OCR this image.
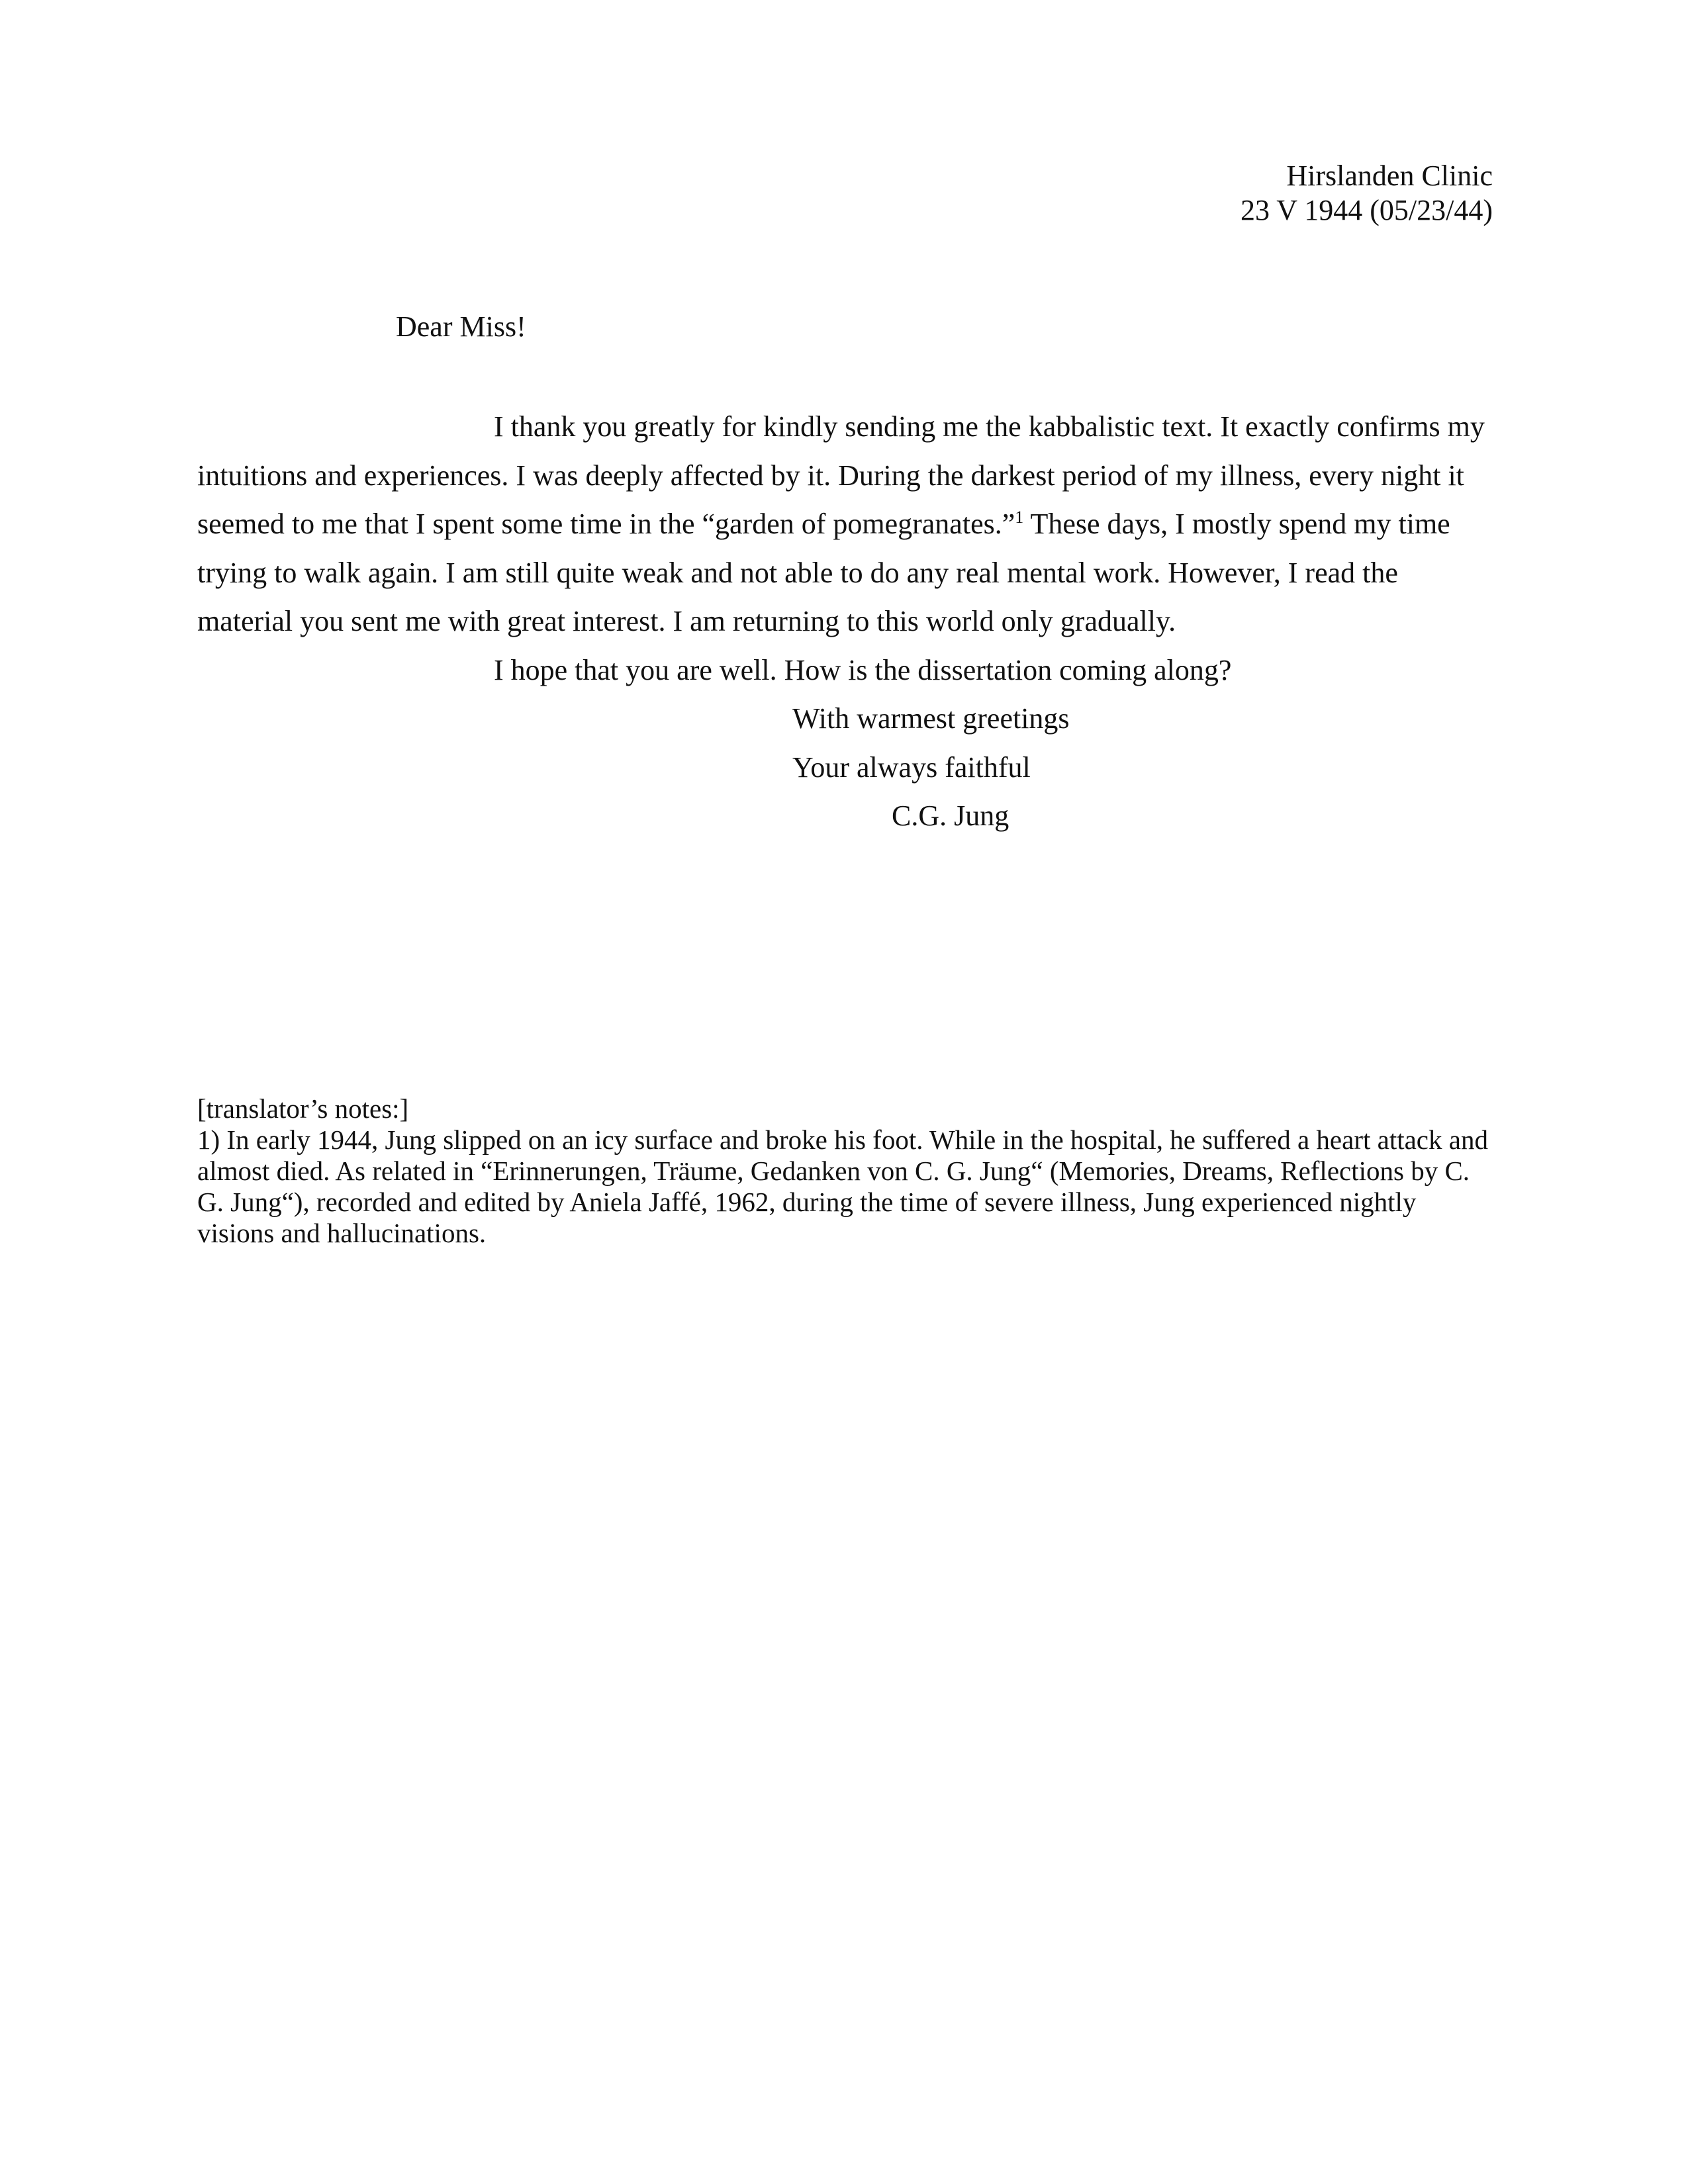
Hirslanden Clinic
23 V 1944 (05/23/44)
Dear Miss!

I thank you greatly for kindly sending me the kabbalistic text. It exactly confirms my intuitions and experiences. I was deeply affected by it. During the darkest period of my illness, every night it seemed to me that I spent some time in the “garden of pomegranates.”$^1$ These days, I mostly spend my time trying to walk again. I am still quite weak and not able to do any real mental work. However, I read the material you sent me with great interest. I am returning to this world only gradually.

I hope that you are well. How is the dissertation coming along?
With warmest greetings
Your always faithful
C.G. Jung
[translator’s notes:]
1) In early 1944, Jung slipped on an icy surface and broke his foot. While in the hospital, he suffered a heart attack and almost died. As related in “Erinnerungen, Träume, Gedanken von C. G. Jung“ (Memories, Dreams, Reflections by C. G. Jung“), recorded and edited by Aniela Jaffé, 1962, during the time of severe illness, Jung experienced nightly visions and hallucinations.
